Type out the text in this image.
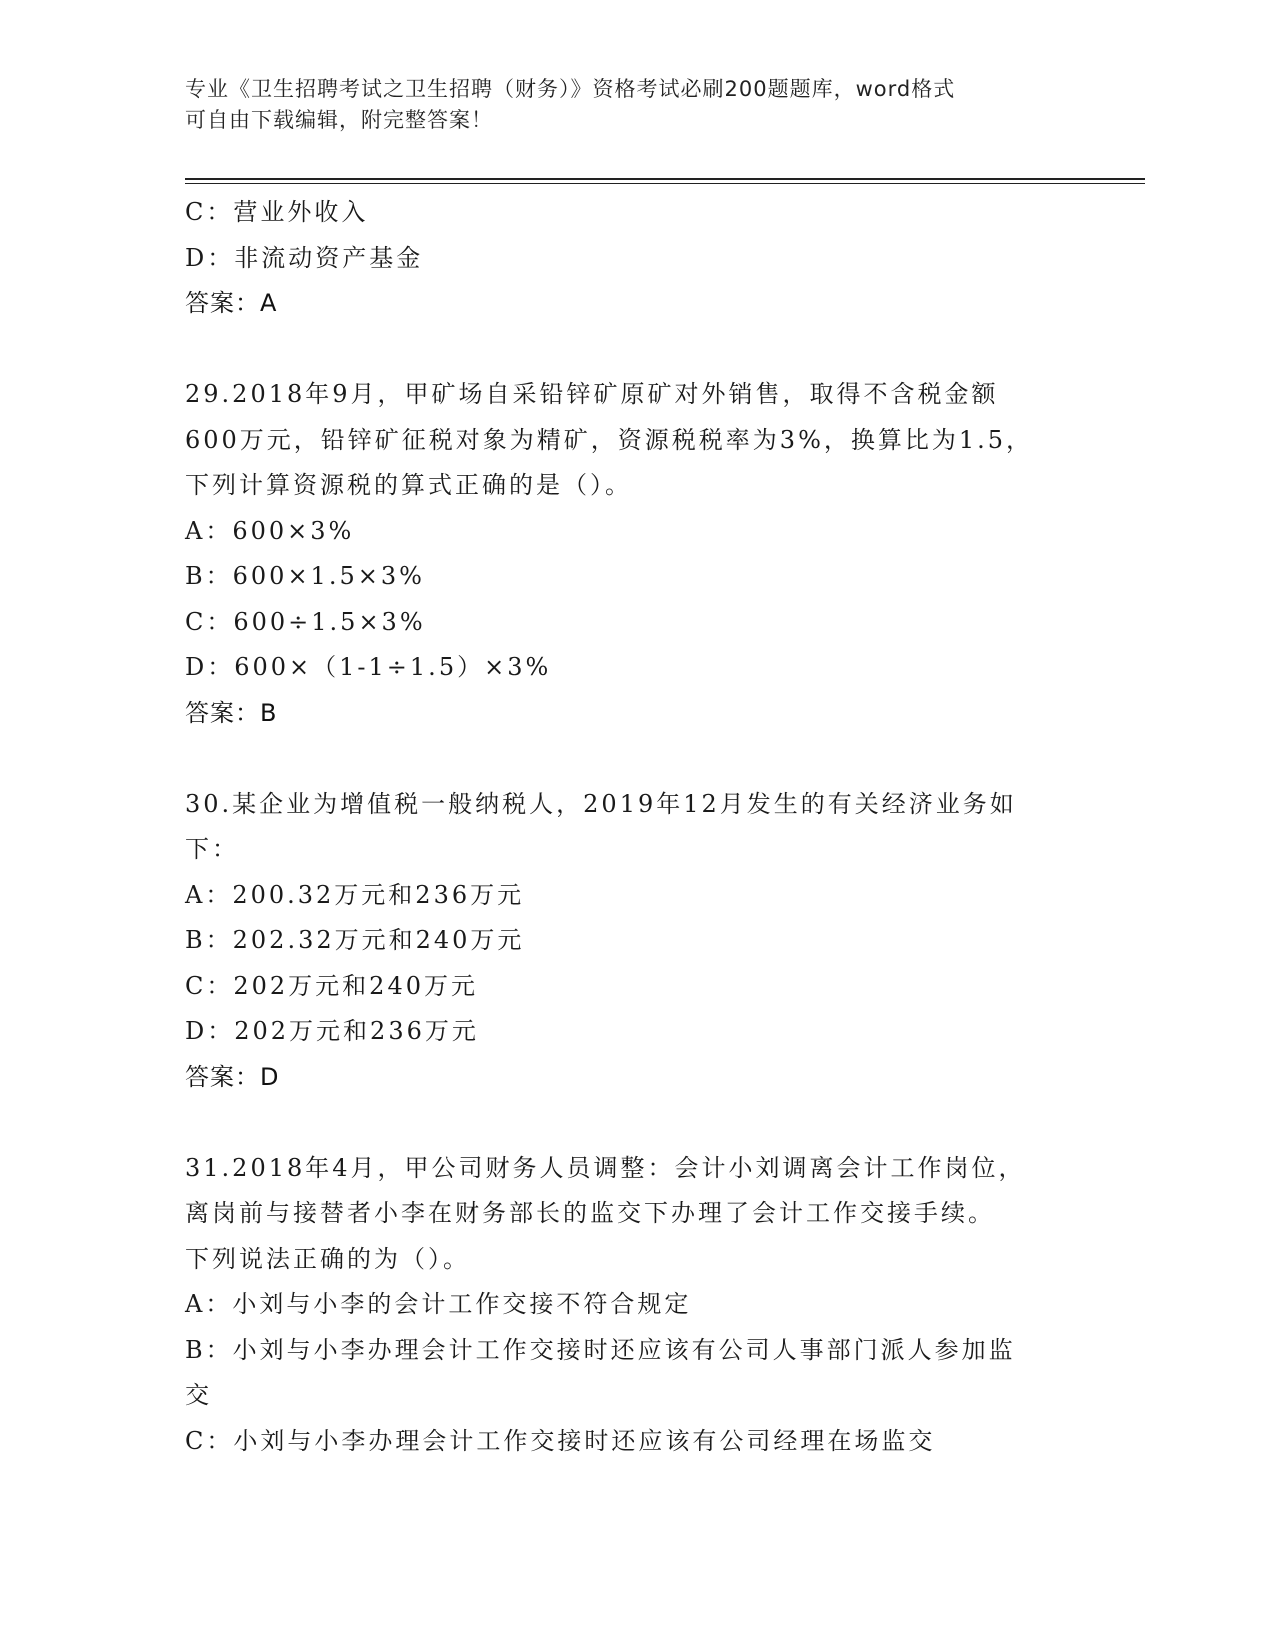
专业《卫生招聘考试之卫生招聘（财务）》资格考试必刷200题题库，word格式
可自由下载编辑，附完整答案！
C：营业外收入
D：非流动资产基金
答案：A
29.2018年9月，甲矿场自采铅锌矿原矿对外销售，取得不含税金额
600万元，铅锌矿征税对象为精矿，资源税税率为3%，换算比为1.5，
下列计算资源税的算式正确的是（）。
A：600×3%
B：600×1.5×3%
C：600÷1.5×3%
D：600×（1-1÷1.5）×3%
答案：B
30.某企业为增值税一般纳税人，2019年12月发生的有关经济业务如
下：
A：200.32万元和236万元
B：202.32万元和240万元
C：202万元和240万元
D：202万元和236万元
答案：D
31.2018年4月，甲公司财务人员调整：会计小刘调离会计工作岗位，
离岗前与接替者小李在财务部长的监交下办理了会计工作交接手续。
下列说法正确的为（）。
A：小刘与小李的会计工作交接不符合规定
B：小刘与小李办理会计工作交接时还应该有公司人事部门派人参加监
交
C：小刘与小李办理会计工作交接时还应该有公司经理在场监交
